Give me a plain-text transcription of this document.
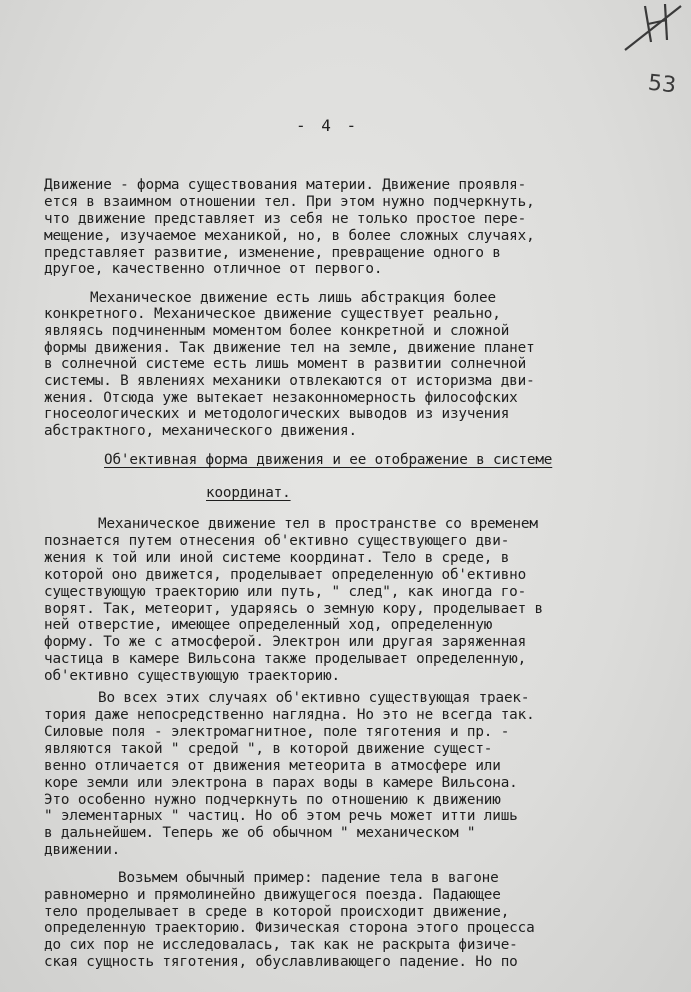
53
- 4 -
Движение - форма существования материи. Движение проявля-
ется в взаимном отношении тел. При этом нужно подчеркнуть,
что движение представляет из себя не только простое пере-
мещение, изучаемое механикой, но, в более сложных случаях,
представляет развитие, изменение, превращение одного в
другое, качественно отличное от первого.
Механическое движение есть лишь абстракция более
конкретного. Механическое движение существует реально,
являясь подчиненным моментом более конкретной и сложной
формы движения. Так движение тел на земле, движение планет
в солнечной системе есть лишь момент в развитии солнечной
системы. В явлениях механики отвлекаются от историзма дви-
жения. Отсюда уже вытекает незаконномерность философских
гносеологических и методологических выводов из изучения
абстрактного, механического движения.
Об'ективная форма движения и ее отображение в системе
координат.
Механическое движение тел в пространстве со временем
познается путем отнесения об'ективно существующего дви-
жения к той или иной системе координат. Тело в среде, в
которой оно движется, проделывает определенную об'ективно
существующую траекторию или путь, " след", как иногда го-
ворят. Так, метеорит, ударяясь о земную кору, проделывает в
ней отверстие, имеющее определенный ход, определенную
форму. То же с атмосферой. Электрон или другая заряженная
частица в камере Вильсона также проделывает определенную,
об'ективно существующую траекторию.
Во всех этих случаях об'ективно существующая траек-
тория даже непосредственно наглядна. Но это не всегда так.
Силовые поля - электромагнитное, поле тяготения и пр. -
являются такой " средой ", в которой движение сущест-
венно отличается от движения метеорита в атмосфере или
коре земли или электрона в парах воды в камере Вильсона.
Это особенно нужно подчеркнуть по отношению к движению
" элементарных " частиц. Но об этом речь может итти лишь
в дальнейшем. Теперь же об обычном " механическом "
движении.
Возьмем обычный пример: падение тела в вагоне
равномерно и прямолинейно движущегося поезда. Падающее
тело проделывает в среде в которой происходит движение,
определенную траекторию. Физическая сторона этого процесса
до сих пор не исследовалась, так как не раскрыта физиче-
ская сущность тяготения, обуславливающего падение. Но по
